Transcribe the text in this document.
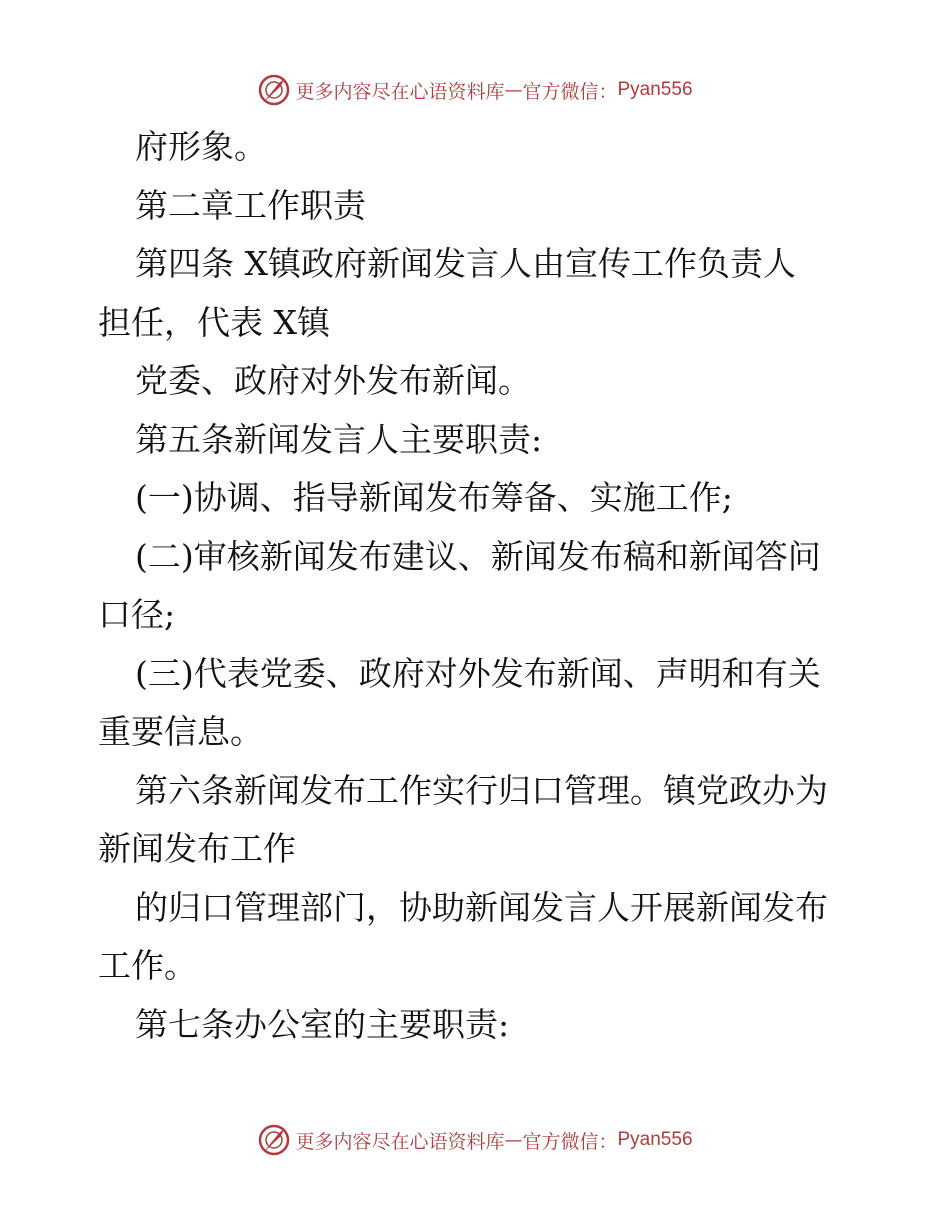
更多内容尽在心语资料库 — 官方微信： Pyan556
府形象。
第二章工作职责
第四条 X镇政府新闻发言人由宣传工作负责人
担任，代表 X镇
党委、政府对外发布新闻。
第五条新闻发言人主要职责:
(一)协调、指导新闻发布筹备、实施工作;
(二)审核新闻发布建议、新闻发布稿和新闻答问
口径;
(三)代表党委、政府对外发布新闻、声明和有关
重要信息。
第六条新闻发布工作实行归口管理。镇党政办为
新闻发布工作
的归口管理部门，协助新闻发言人开展新闻发布
工作。
第七条办公室的主要职责:
更多内容尽在心语资料库 — 官方微信： Pyan556
